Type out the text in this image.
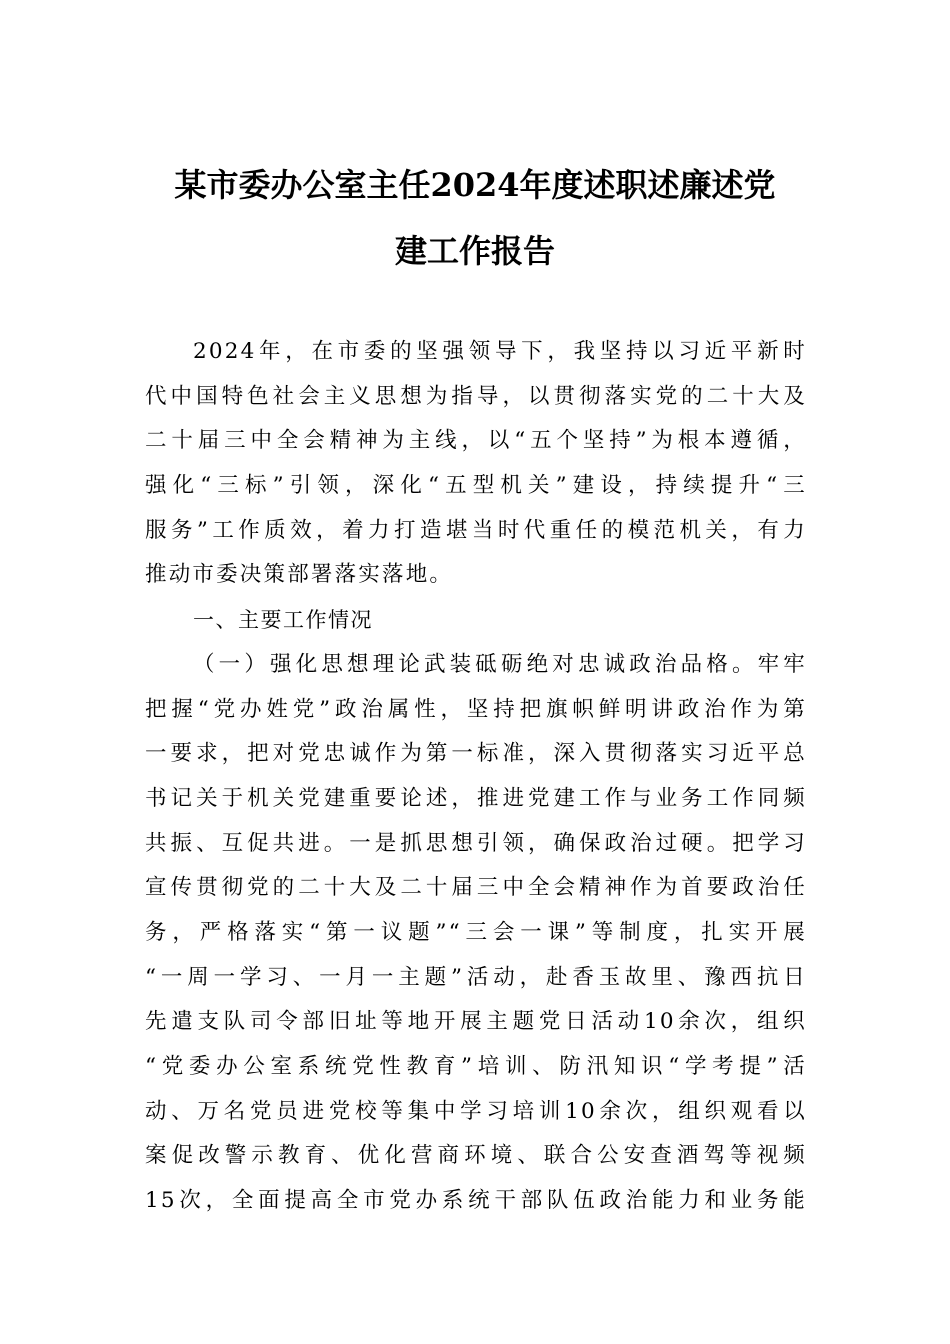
某市委办公室主任2024年度述职述廉述党
建工作报告
2024年，在市委的坚强领导下，我坚持以习近平新时
代中国特色社会主义思想为指导，以贯彻落实党的二十大及
二十届三中全会精神为主线，以“五个坚持”为根本遵循，
强化“三标”引领，深化“五型机关”建设，持续提升“三
服务”工作质效，着力打造堪当时代重任的模范机关，有力
推动市委决策部署落实落地。
一、主要工作情况
（一）强化思想理论武装砥砺绝对忠诚政治品格。牢牢
把握“党办姓党”政治属性，坚持把旗帜鲜明讲政治作为第
一要求，把对党忠诚作为第一标准，深入贯彻落实习近平总
书记关于机关党建重要论述，推进党建工作与业务工作同频
共振、互促共进。一是抓思想引领，确保政治过硬。把学习
宣传贯彻党的二十大及二十届三中全会精神作为首要政治任
务，严格落实“第一议题”“三会一课”等制度，扎实开展
“一周一学习、一月一主题”活动，赴香玉故里、豫西抗日
先遣支队司令部旧址等地开展主题党日活动10余次，组织
“党委办公室系统党性教育”培训、防汛知识“学考提”活
动、万名党员进党校等集中学习培训10余次，组织观看以
案促改警示教育、优化营商环境、联合公安查酒驾等视频
15次，全面提高全市党办系统干部队伍政治能力和业务能
